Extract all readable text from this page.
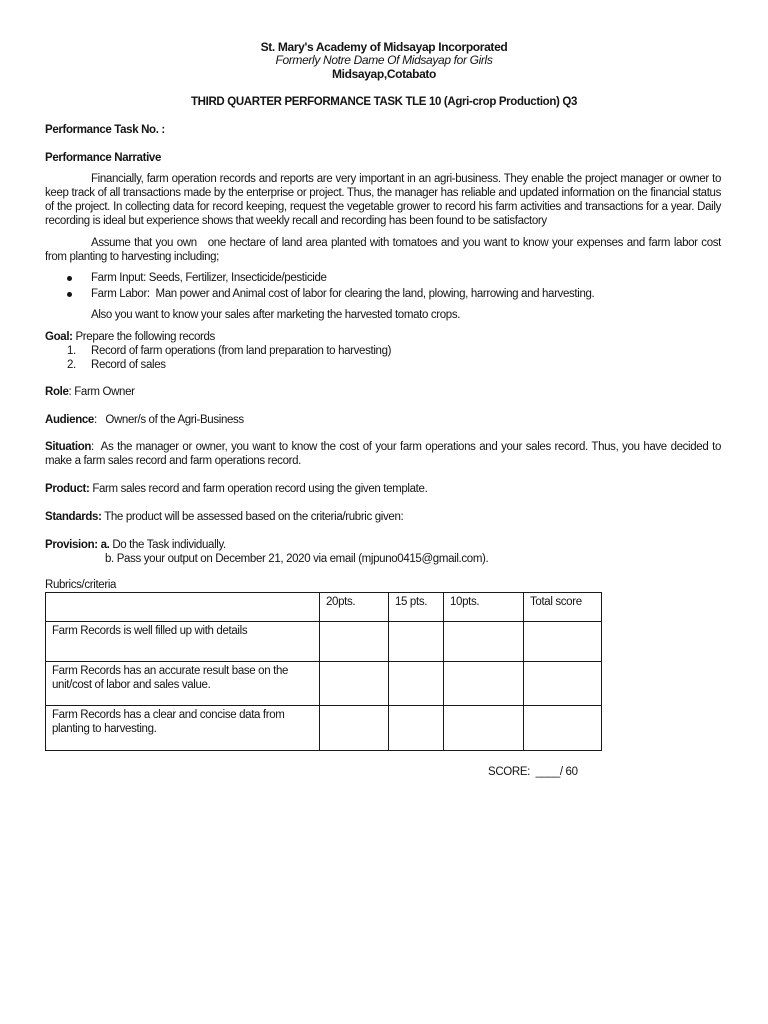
St. Mary's Academy of Midsayap Incorporated
Formerly Notre Dame Of Midsayap for Girls
Midsayap,Cotabato
THIRD QUARTER PERFORMANCE TASK TLE 10 (Agri-crop Production) Q3
Performance Task No. :
Performance Narrative
Financially, farm operation records and reports are very important in an agri-business. They enable the project manager or owner to keep track of all transactions made by the enterprise or project. Thus, the manager has reliable and updated information on the financial status of the project. In collecting data for record keeping, request the vegetable grower to record his farm activities and transactions for a year. Daily recording is ideal but experience shows that weekly recall and recording has been found to be satisfactory
Assume that you own   one hectare of land area planted with tomatoes and you want to know your expenses and farm labor cost from planting to harvesting including;
Farm Input: Seeds, Fertilizer, Insecticide/pesticide
Farm Labor:  Man power and Animal cost of labor for clearing the land, plowing, harrowing and harvesting.
Also you want to know your sales after marketing the harvested tomato crops.
Goal: Prepare the following records
1. Record of farm operations (from land preparation to harvesting)
2. Record of sales
Role: Farm Owner
Audience:   Owner/s of the Agri-Business
Situation:  As the manager or owner, you want to know the cost of your farm operations and your sales record. Thus, you have decided to make a farm sales record and farm operations record.
Product: Farm sales record and farm operation record using the given template.
Standards: The product will be assessed based on the criteria/rubric given:
Provision: a. Do the Task individually.
b. Pass your output on December 21, 2020 via email (mjpuno0415@gmail.com).
Rubrics/criteria
	20pts.	15 pts.	10pts.	Total score
Farm Records is well filled up with details				
Farm Records has an accurate result base on the unit/cost of labor and sales value.				
Farm Records has a clear and concise data from planting to harvesting.				
SCORE:  ____/ 60
